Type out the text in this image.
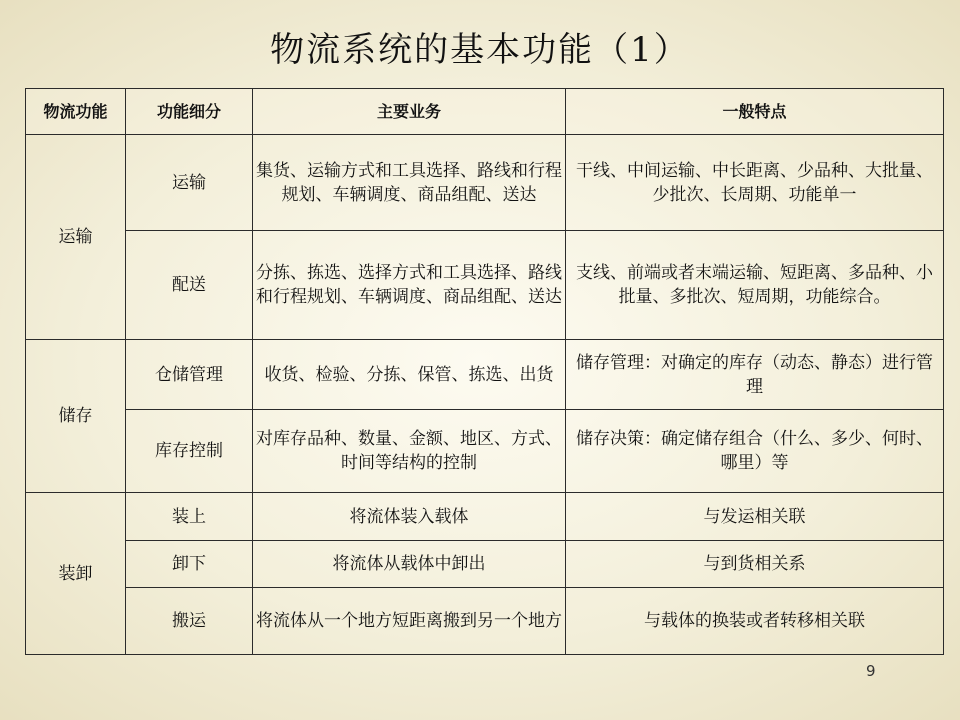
物流系统的基本功能（1）
物流功能	功能细分	主要业务	一般特点

运输	运输	集货、运输方式和工具选择、路线和行程规划、车辆调度、商品组配、送达	干线、中间运输、中长距离、少品种、大批量、少批次、长周期、功能单一

	配送	分拣、拣选、选择方式和工具选择、路线和行程规划、车辆调度、商品组配、送达	支线、前端或者末端运输、短距离、多品种、小批量、多批次、短周期，功能综合。

储存	仓储管理	收货、检验、分拣、保管、拣选、出货	储存管理：对确定的库存（动态、静态）进行管理

	库存控制	对库存品种、数量、金额、地区、方式、时间等结构的控制	储存决策：确定储存组合（什么、多少、何时、哪里）等

装卸	装上	将流体装入载体	与发运相关联

	卸下	将流体从载体中卸出	与到货相关系

	搬运	将流体从一个地方短距离搬到另一个地方	与载体的换装或者转移相关联
9
